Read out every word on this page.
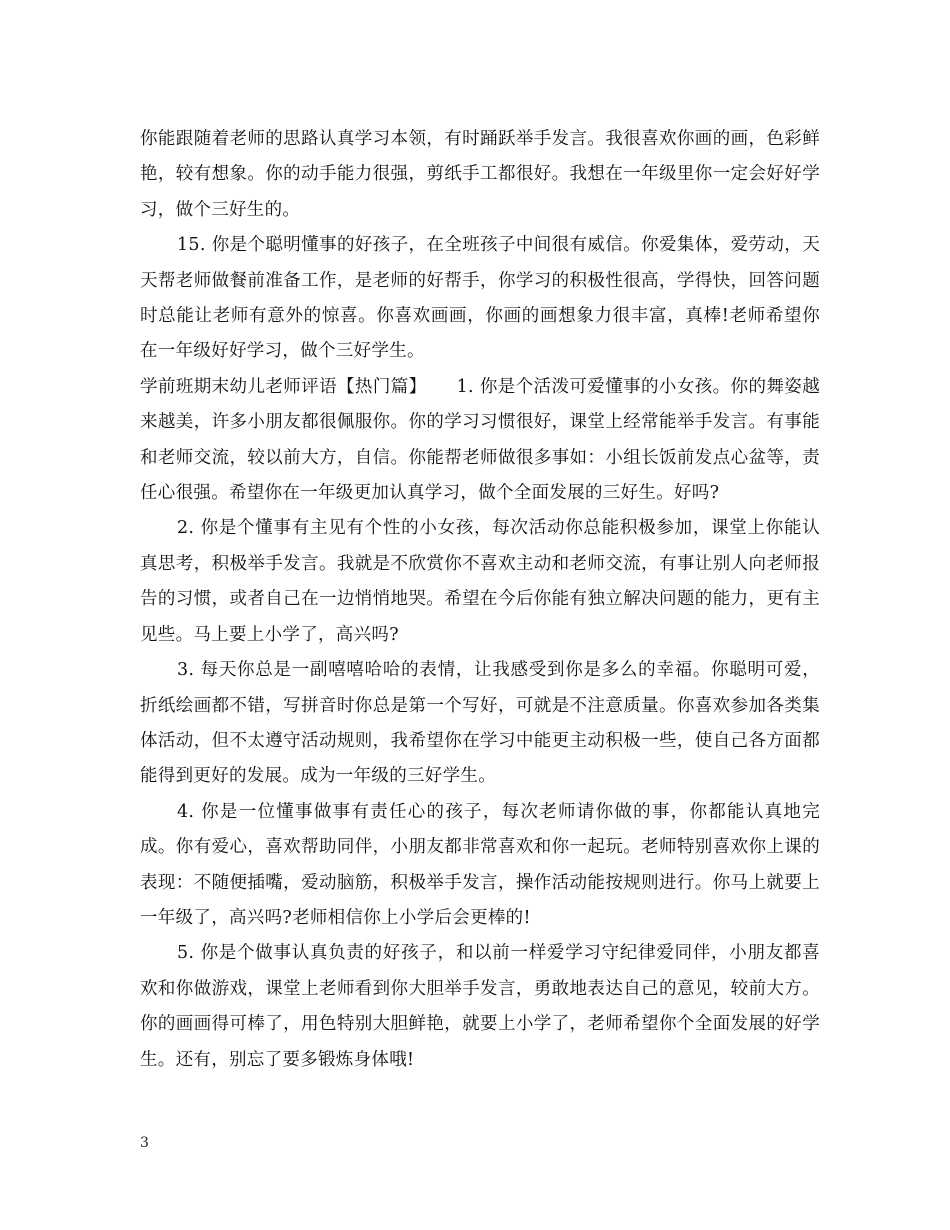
你能跟随着老师的思路认真学习本领，有时踊跃举手发言。我很喜欢你画的画，色彩鲜艳，较有想象。你的动手能力很强，剪纸手工都很好。我想在一年级里你一定会好好学习，做个三好生的。

15. 你是个聪明懂事的好孩子，在全班孩子中间很有威信。你爱集体，爱劳动，天天帮老师做餐前准备工作，是老师的好帮手，你学习的积极性很高，学得快，回答问题时总能让老师有意外的惊喜。你喜欢画画，你画的画想象力很丰富，真棒!老师希望你在一年级好好学习，做个三好学生。

学前班期末幼儿老师评语【热门篇】 1. 你是个活泼可爱懂事的小女孩。你的舞姿越来越美，许多小朋友都很佩服你。你的学习习惯很好，课堂上经常能举手发言。有事能和老师交流，较以前大方，自信。你能帮老师做很多事如：小组长饭前发点心盆等，责任心很强。希望你在一年级更加认真学习，做个全面发展的三好生。好吗?

2. 你是个懂事有主见有个性的小女孩，每次活动你总能积极参加，课堂上你能认真思考，积极举手发言。我就是不欣赏你不喜欢主动和老师交流，有事让别人向老师报告的习惯，或者自己在一边悄悄地哭。希望在今后你能有独立解决问题的能力，更有主见些。马上要上小学了，高兴吗?

3. 每天你总是一副嘻嘻哈哈的表情，让我感受到你是多么的幸福。你聪明可爱，折纸绘画都不错，写拼音时你总是第一个写好，可就是不注意质量。你喜欢参加各类集体活动，但不太遵守活动规则，我希望你在学习中能更主动积极一些，使自己各方面都能得到更好的发展。成为一年级的三好学生。

4. 你是一位懂事做事有责任心的孩子，每次老师请你做的事，你都能认真地完成。你有爱心，喜欢帮助同伴，小朋友都非常喜欢和你一起玩。老师特别喜欢你上课的表现：不随便插嘴，爱动脑筋，积极举手发言，操作活动能按规则进行。你马上就要上一年级了，高兴吗?老师相信你上小学后会更棒的!

5. 你是个做事认真负责的好孩子，和以前一样爱学习守纪律爱同伴，小朋友都喜欢和你做游戏，课堂上老师看到你大胆举手发言，勇敢地表达自己的意见，较前大方。你的画画得可棒了，用色特别大胆鲜艳，就要上小学了，老师希望你个全面发展的好学生。还有，别忘了要多锻炼身体哦!

3
